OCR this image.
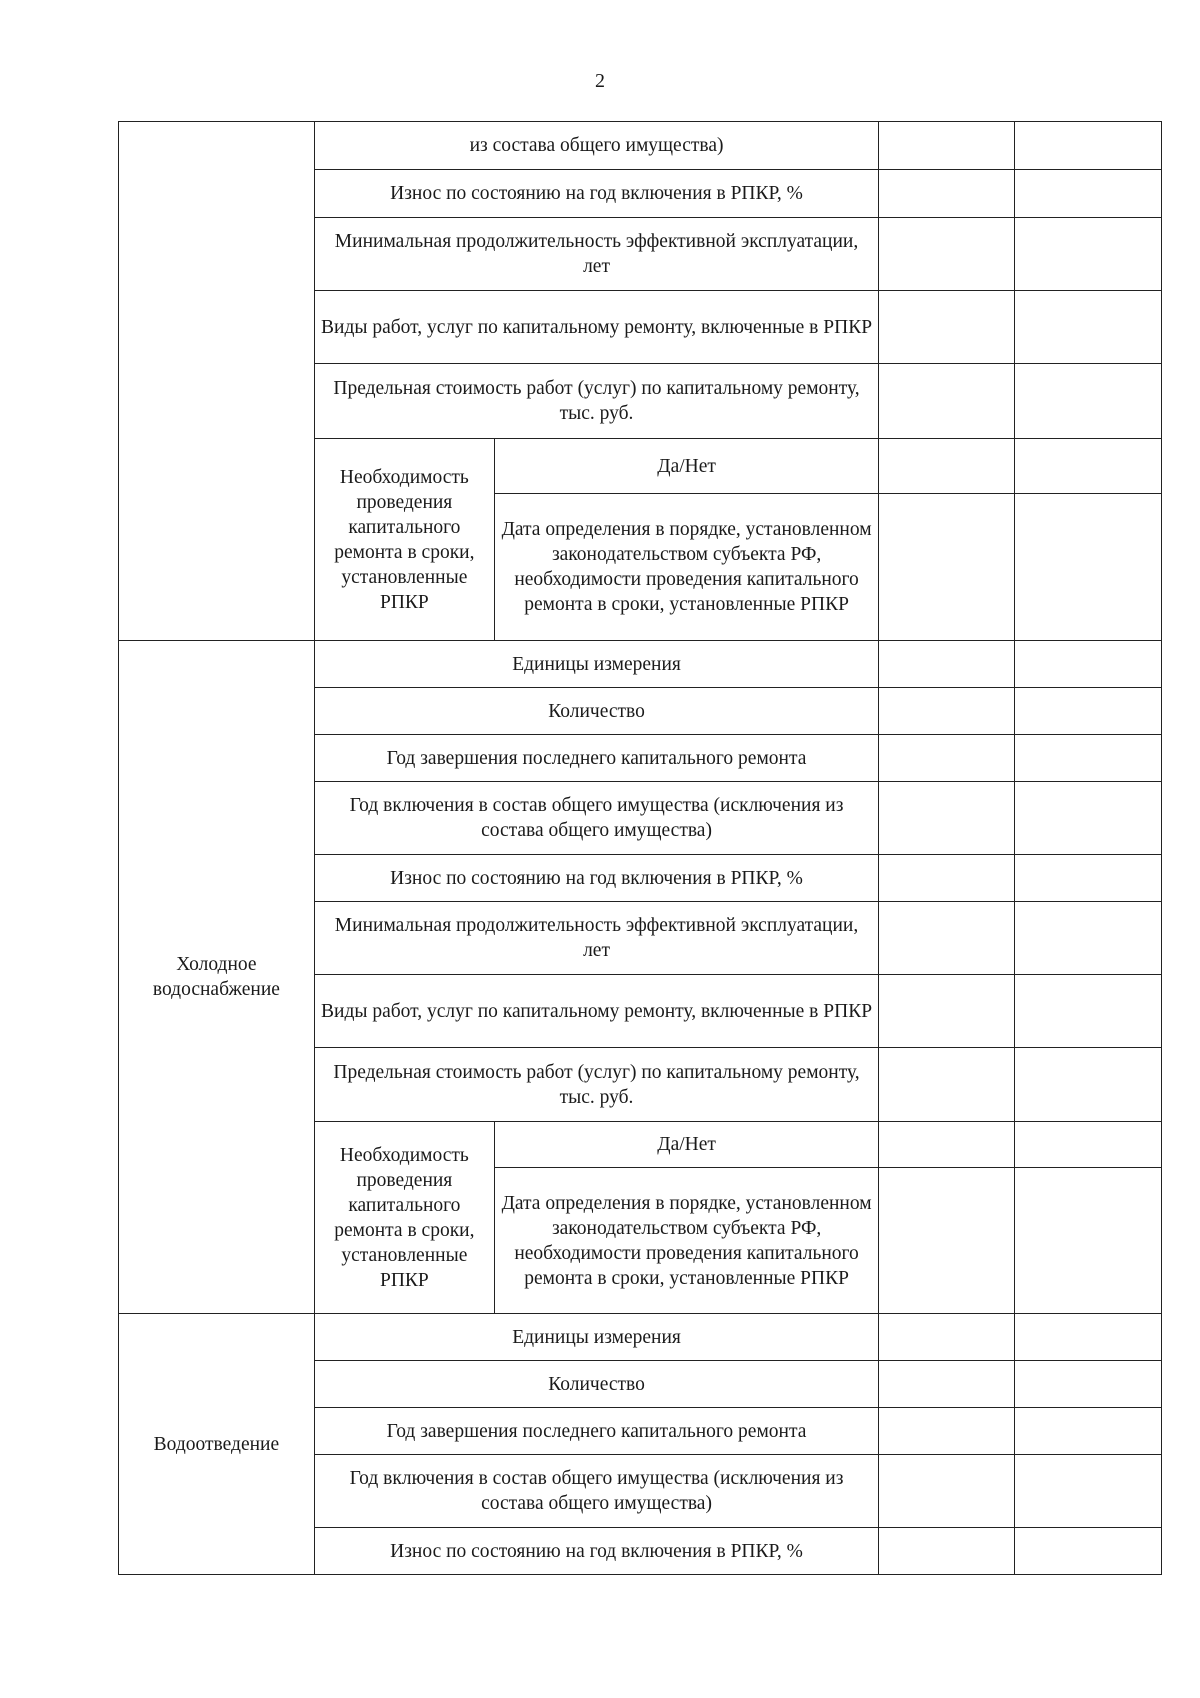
2
	из состава общего имущества)			
	Износ по состоянию на год включения в РПКР, %			
	Минимальная продолжительность эффективной эксплуатации, лет			
	Виды работ, услуг по капитальному ремонту, включенные в РПКР			
	Предельная стоимость работ (услуг) по капитальному ремонту, тыс. руб.			
	Необходимость проведения капитального ремонта в сроки, установленные РПКР	Да/Нет		
		Дата определения в порядке, установленном законодательством субъекта РФ, необходимости проведения капитального ремонта в сроки, установленные РПКР		
Холодное водоснабжение	Единицы измерения			
	Количество			
	Год завершения последнего капитального ремонта			
	Год включения в состав общего имущества (исключения из состава общего имущества)			
	Износ по состоянию на год включения в РПКР, %			
	Минимальная продолжительность эффективной эксплуатации, лет			
	Виды работ, услуг по капитальному ремонту, включенные в РПКР			
	Предельная стоимость работ (услуг) по капитальному ремонту, тыс. руб.			
	Необходимость проведения капитального ремонта в сроки, установленные РПКР	Да/Нет		
		Дата определения в порядке, установленном законодательством субъекта РФ, необходимости проведения капитального ремонта в сроки, установленные РПКР		
Водоотведение	Единицы измерения			
	Количество			
	Год завершения последнего капитального ремонта			
	Год включения в состав общего имущества (исключения из состава общего имущества)			
	Износ по состоянию на год включения в РПКР, %			
